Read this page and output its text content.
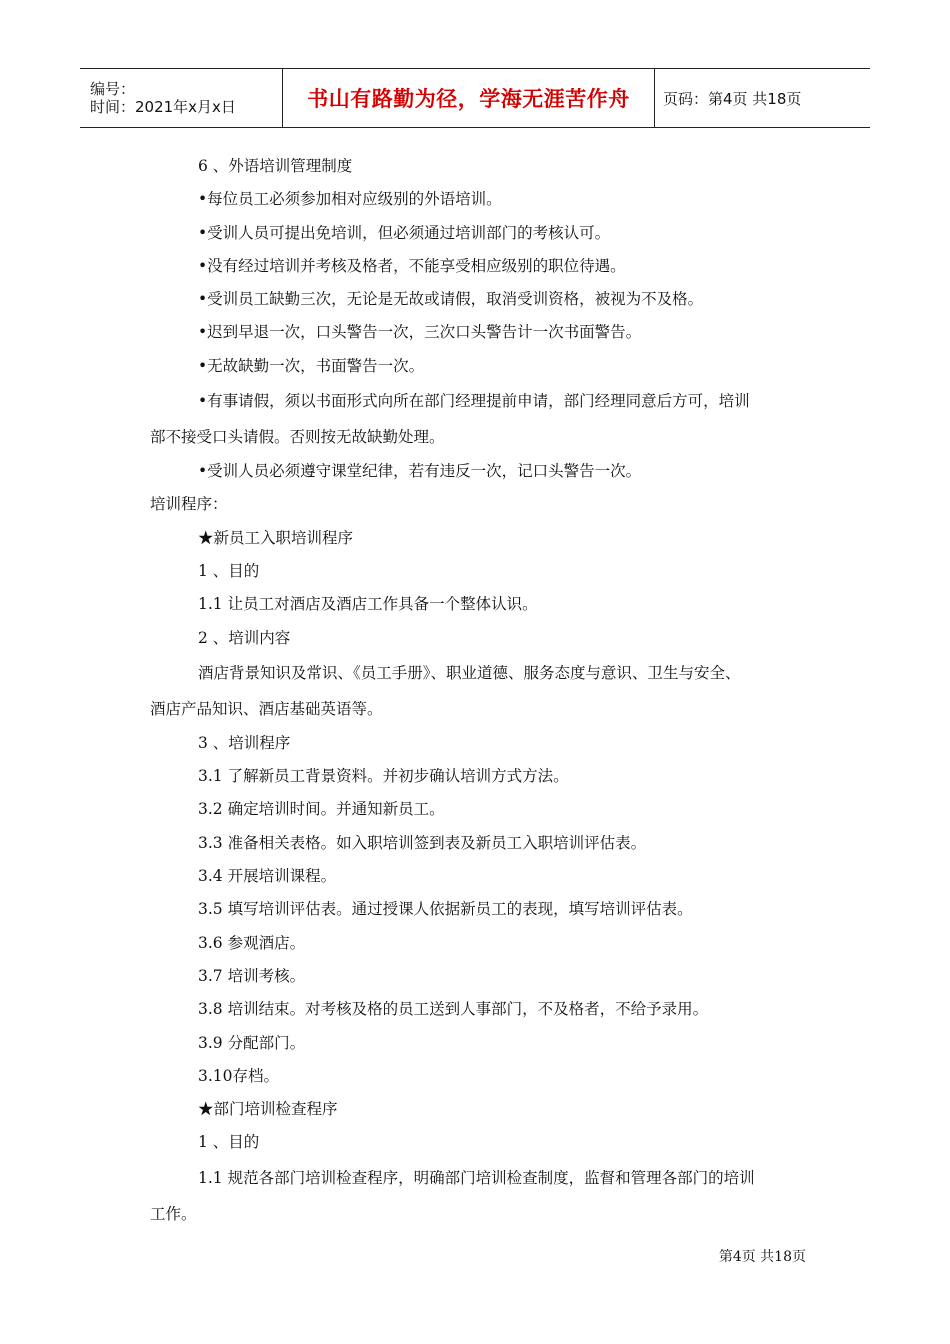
编号：
时间：2021年x月x日	书山有路勤为径，学海无涯苦作舟 页码：第4页 共18页
6 、外语培训管理制度
•每位员工必须参加相对应级别的外语培训。
•受训人员可提出免培训，但必须通过培训部门的考核认可。
•没有经过培训并考核及格者，不能享受相应级别的职位待遇。
•受训员工缺勤三次，无论是无故或请假，取消受训资格，被视为不及格。
•迟到早退一次，口头警告一次，三次口头警告计一次书面警告。
•无故缺勤一次，书面警告一次。
•有事请假，须以书面形式向所在部门经理提前申请，部门经理同意后方可，培训
部不接受口头请假。否则按无故缺勤处理。
•受训人员必须遵守课堂纪律，若有违反一次，记口头警告一次。
培训程序：
★新员工入职培训程序
1 、目的
1.1 让员工对酒店及酒店工作具备一个整体认识。
2 、培训内容
酒店背景知识及常识、《员工手册》、职业道德、服务态度与意识、卫生与安全、
酒店产品知识、酒店基础英语等。
3 、培训程序
3.1 了解新员工背景资料。并初步确认培训方式方法。
3.2 确定培训时间。并通知新员工。
3.3 准备相关表格。如入职培训签到表及新员工入职培训评估表。
3.4 开展培训课程。
3.5 填写培训评估表。通过授课人依据新员工的表现，填写培训评估表。
3.6 参观酒店。
3.7 培训考核。
3.8 培训结束。对考核及格的员工送到人事部门，不及格者，不给予录用。
3.9 分配部门。
3.10存档。
★部门培训检查程序
1 、目的
1.1 规范各部门培训检查程序，明确部门培训检查制度，监督和管理各部门的培训
工作。
第4页 共18页
